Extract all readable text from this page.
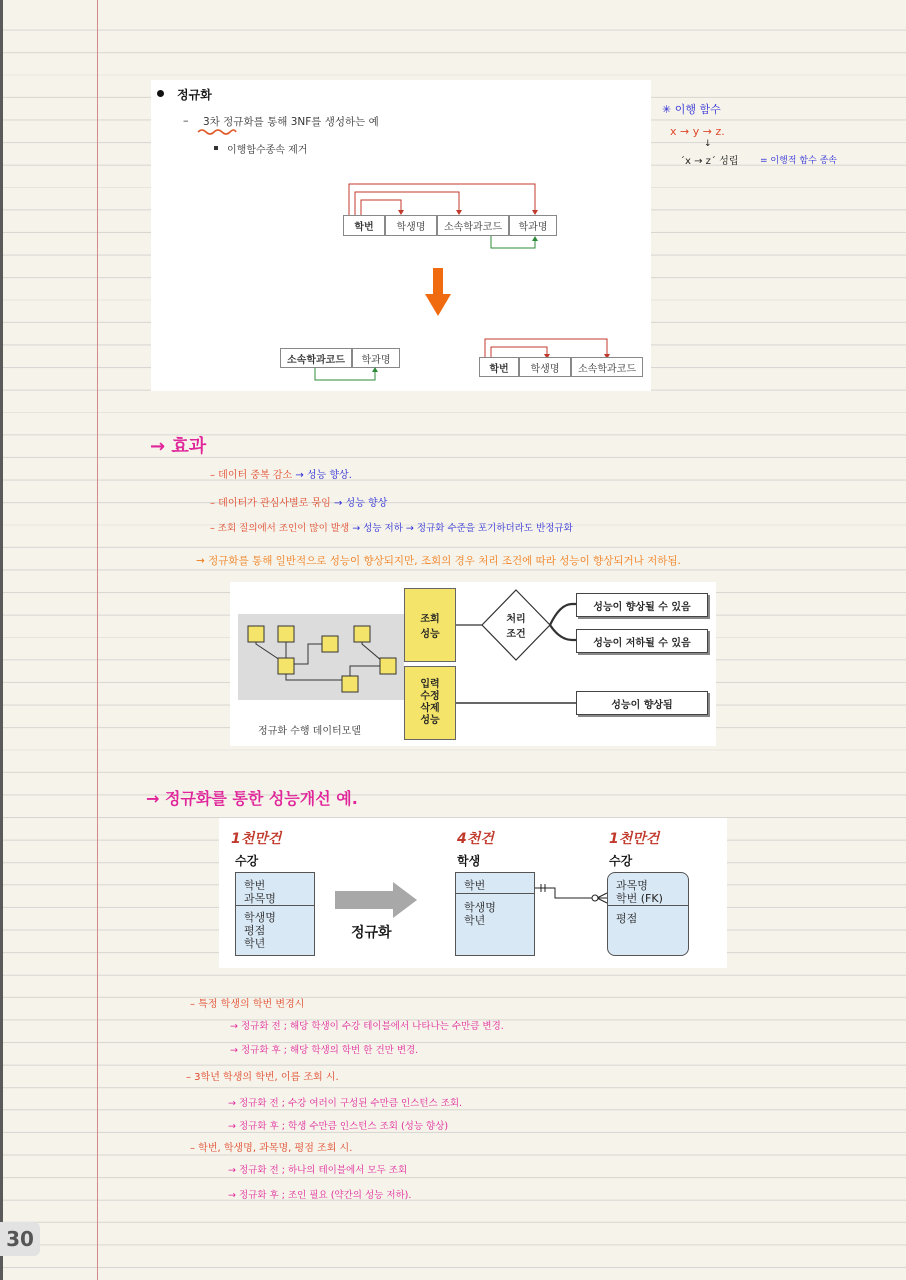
30
정규화
– 3차 정규화를 통해 3NF를 생성하는 예
이행함수종속 제거
학번	학생명	소속학과코드	학과명
소속학과코드	학과명
학번	학생명	소속학과코드
✳ 이행 함수
x → y → z.
↓
´x → z´ 성립 = 이행적 함수 종속
→ 효과
– 데이터 중복 감소 → 성능 향상.
– 데이터가 관심사별로 묶임 → 성능 향상
– 조회 질의에서 조인이 많이 발생 → 성능 저하 → 정규화 수준을 포기하더라도 반정규화
→ 정규화를 통해 일반적으로 성능이 향상되지만, 조회의 경우 처리 조건에 따라 성능이 향상되거나 저하됨.
정규화 수행 데이터모델
조회
성능
입력
수정
삭제
성능
처리
조건
성능이 향상될 수 있음
성능이 저하될 수 있음
성능이 향상됨
→ 정규화를 통한 성능개선 예.
1천만건
수강
학번
과목명
학생명
평점
학년
정규화
4천건
학생
학번
학생명
학년
1천만건
수강
과목명
학번 (FK)
평점
– 특정 학생의 학번 변경시
→ 정규화 전 ; 해당 학생이 수강 테이블에서 나타나는 수만큼 변경.
→ 정규화 후 ; 해당 학생의 학번 한 건만 변경.
– 3학년 학생의 학번, 이름 조회 시.
→ 정규화 전 ; 수강 여러이 구성된 수만큼 인스턴스 조회.
→ 정규화 후 ; 학생 수만큼 인스턴스 조회 (성능 향상)
– 학번, 학생명, 과목명, 평점 조회 시.
→ 정규화 전 ; 하나의 테이블에서 모두 조회
→ 정규화 후 ; 조인 필요 (약간의 성능 저하).
